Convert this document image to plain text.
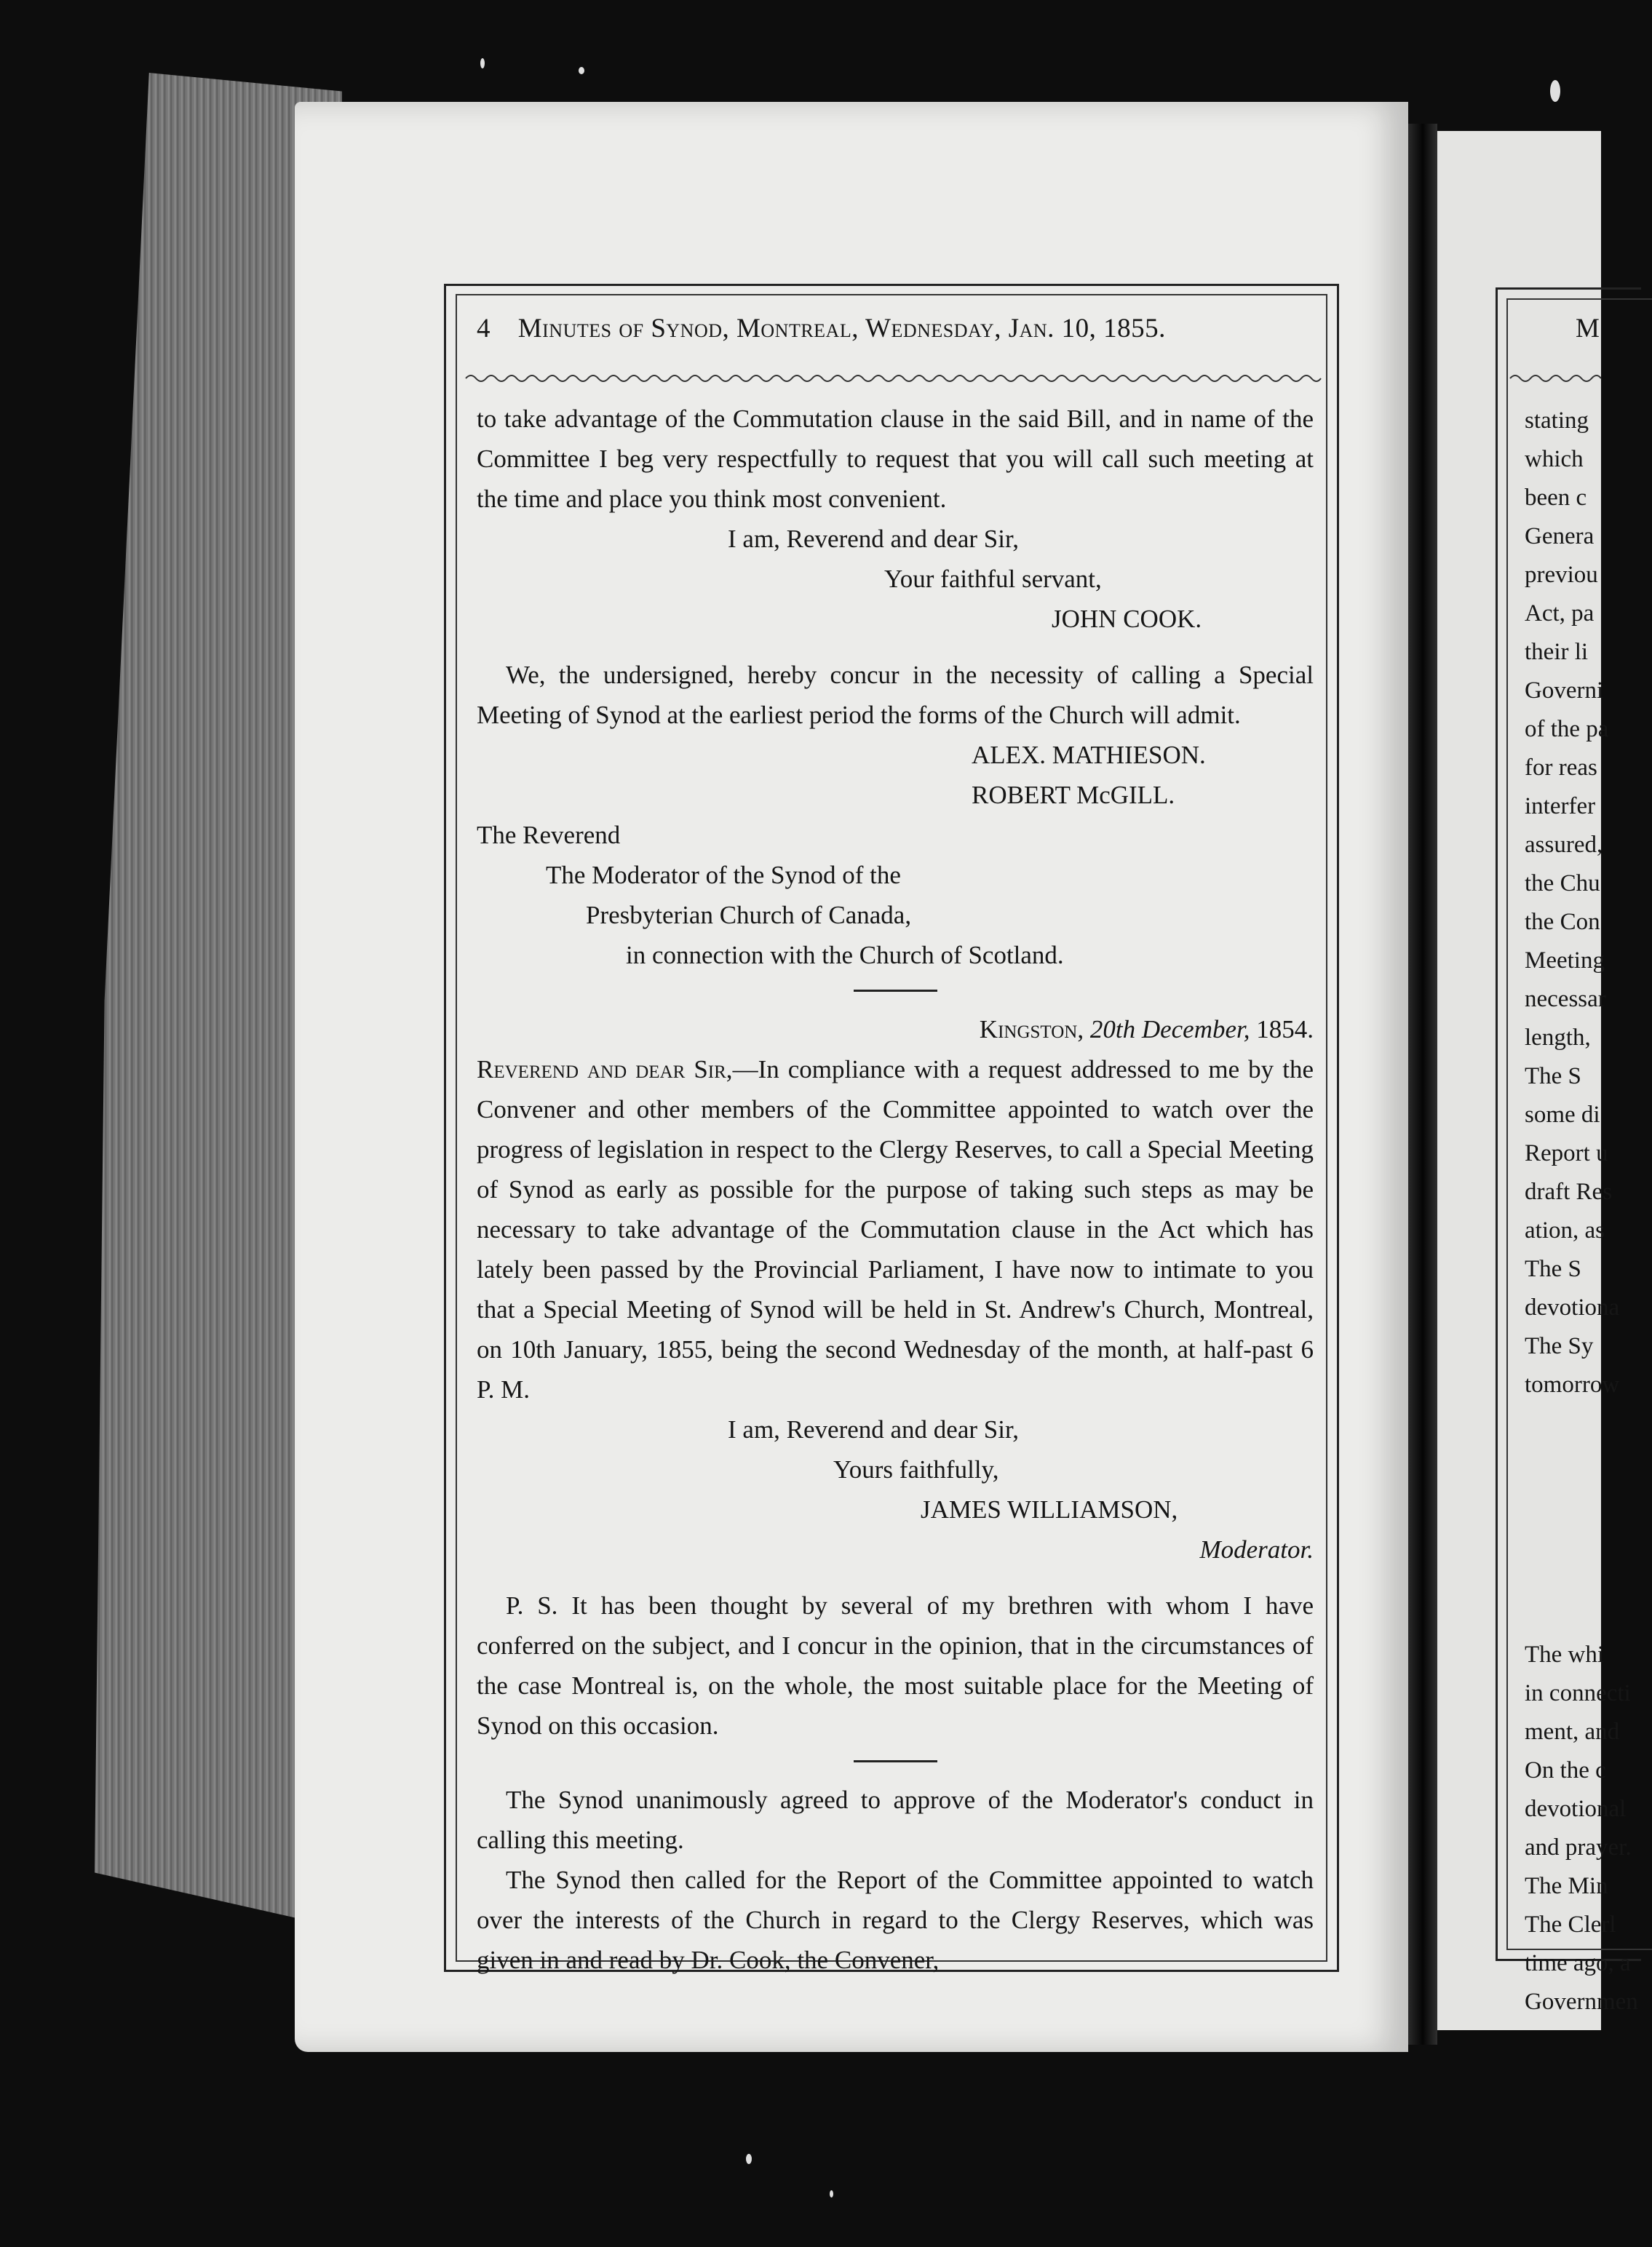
4 Minutes of Synod, Montreal, Wednesday, Jan. 10, 1855.	M

to take advantage of the Commutation clause in the said Bill, and in name of the Committee I beg very respectfully to request that you will call such meeting at the time and place you think most convenient.

I am, Reverend and dear Sir,
Your faithful servant,
JOHN COOK.

We, the undersigned, hereby concur in the necessity of calling a Special Meeting of Synod at the earliest period the forms of the Church will admit.

ALEX. MATHIESON.
ROBERT McGILL.
The Reverend
The Moderator of the Synod of the
Presbyterian Church of Canada,
in connection with the Church of Scotland.
Kingston, 20th December, 1854.

Reverend and dear Sir,—In compliance with a request addressed to me by the Convener and other members of the Committee appointed to watch over the progress of legislation in respect to the Clergy Reserves, to call a Special Meeting of Synod as early as possible for the purpose of taking such steps as may be necessary to take advantage of the Commutation clause in the Act which has lately been passed by the Provincial Parliament, I have now to intimate to you that a Special Meeting of Synod will be held in St. Andrew's Church, Montreal, on 10th January, 1855, being the second Wednesday of the month, at half-past 6 P. M.

I am, Reverend and dear Sir,
Yours faithfully,
JAMES WILLIAMSON,
Moderator.

P. S. It has been thought by several of my brethren with whom I have conferred on the subject, and I concur in the opinion, that in the circumstances of the case Montreal is, on the whole, the most suitable place for the Meeting of Synod on this occasion.

The Synod unanimously agreed to approve of the Moderator's conduct in calling this meeting.

The Synod then called for the Report of the Committee appointed to watch over the interests of the Church in regard to the Clergy Reserves, which was given in and read by Dr. Cook, the Convener,

stating
which
been c
Genera
previou
Act, pa
their li
Governi
of the pa
for reas
interfer
assured,
the Chu
the Con
Meeting
necessar
length,
The S
some di
Report u
draft Res
ation, as
The S
devotiona
The Sy
tomorrow
The whi
in connecti
ment, and
On the c
devotional
and prayer.
The Min
The Clerl
time ago, a
Governmen
